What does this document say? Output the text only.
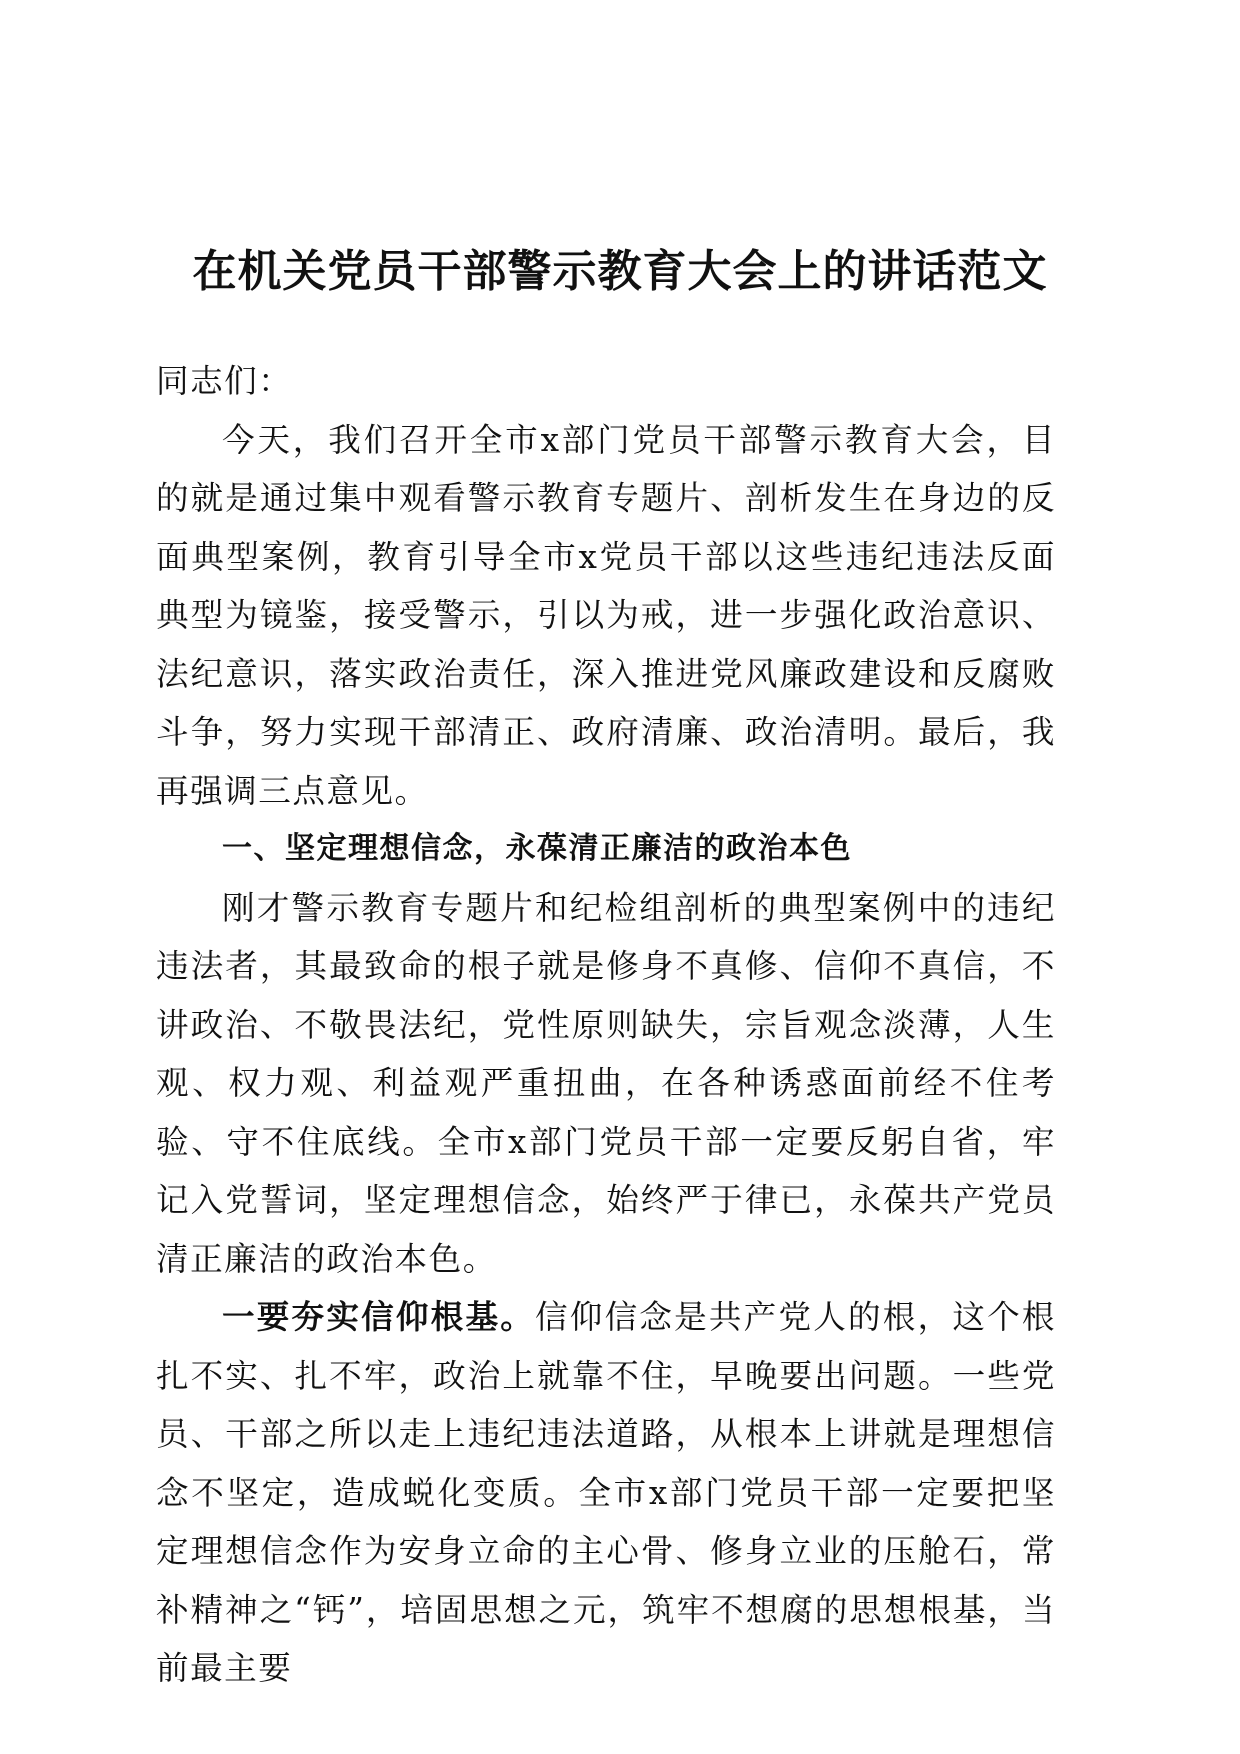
在机关党员干部警示教育大会上的讲话范文

同志们：

今天，我们召开全市x部门党员干部警示教育大会，目的就是通过集中观看警示教育专题片、剖析发生在身边的反面典型案例，教育引导全市x党员干部以这些违纪违法反面典型为镜鉴，接受警示，引以为戒，进一步强化政治意识、法纪意识，落实政治责任，深入推进党风廉政建设和反腐败斗争，努力实现干部清正、政府清廉、政治清明。最后，我再强调三点意见。

一、坚定理想信念，永葆清正廉洁的政治本色

刚才警示教育专题片和纪检组剖析的典型案例中的违纪违法者，其最致命的根子就是修身不真修、信仰不真信，不讲政治、不敬畏法纪，党性原则缺失，宗旨观念淡薄，人生观、权力观、利益观严重扭曲，在各种诱惑面前经不住考验、守不住底线。全市x部门党员干部一定要反躬自省，牢记入党誓词，坚定理想信念，始终严于律已，永葆共产党员清正廉洁的政治本色。

一要夯实信仰根基。信仰信念是共产党人的根，这个根扎不实、扎不牢，政治上就靠不住，早晚要出问题。一些党员、干部之所以走上违纪违法道路，从根本上讲就是理想信念不坚定，造成蜕化变质。全市x部门党员干部一定要把坚定理想信念作为安身立命的主心骨、修身立业的压舱石，常补精神之“钙”，培固思想之元，筑牢不想腐的思想根基，当前最主要
